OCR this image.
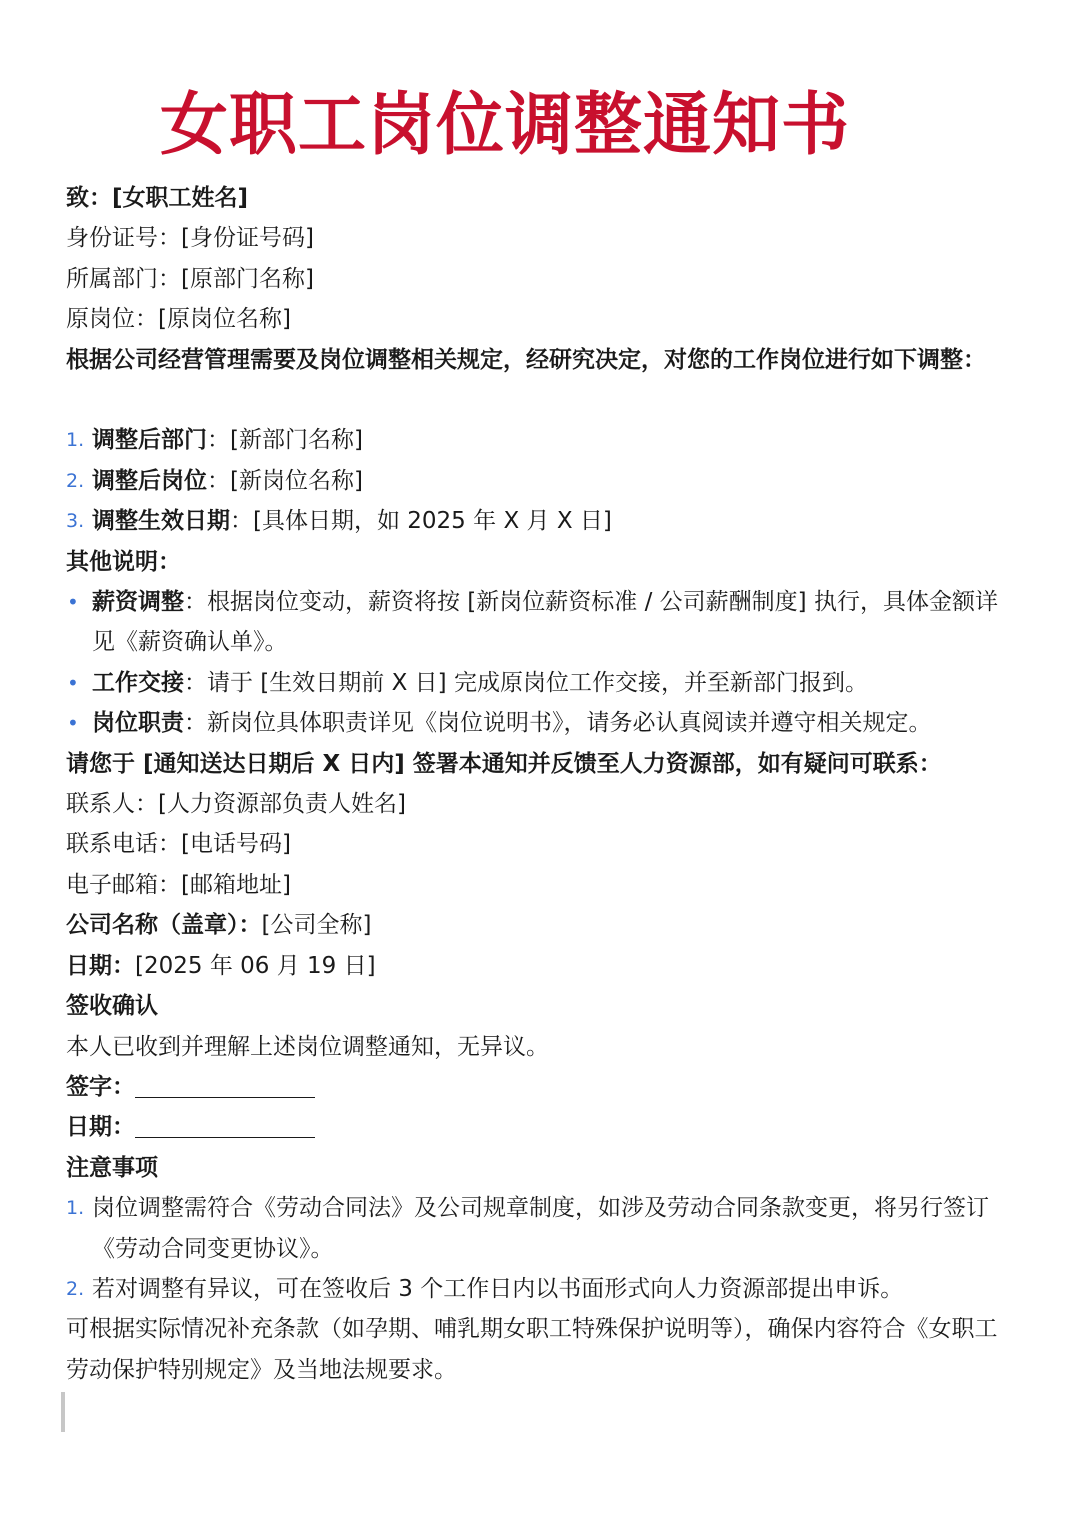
女职工岗位调整通知书
致：[女职工姓名]
身份证号：[身份证号码]
所属部门：[原部门名称]
原岗位：[原岗位名称]
根据公司经营管理需要及岗位调整相关规定，经研究决定，对您的工作岗位进行如下调整：
1. 调整后部门：[新部门名称]
2. 调整后岗位：[新岗位名称]
3. 调整生效日期：[具体日期，如 2025 年 X 月 X 日]
其他说明：
• 薪资调整：根据岗位变动，薪资将按 [新岗位薪资标准 / 公司薪酬制度] 执行，具体金额详见《薪资确认单》。
• 工作交接：请于 [生效日期前 X 日] 完成原岗位工作交接，并至新部门报到。
• 岗位职责：新岗位具体职责详见《岗位说明书》，请务必认真阅读并遵守相关规定。
请您于 [通知送达日期后 X 日内] 签署本通知并反馈至人力资源部，如有疑问可联系：
联系人：[人力资源部负责人姓名]
联系电话：[电话号码]
电子邮箱：[邮箱地址]
公司名称（盖章）：[公司全称]
日期：[2025 年 06 月 19 日]
签收确认
本人已收到并理解上述岗位调整通知，无异议。
签字：
日期：
注意事项
1. 岗位调整需符合《劳动合同法》及公司规章制度，如涉及劳动合同条款变更，将另行签订《劳动合同变更协议》。
2. 若对调整有异议，可在签收后 3 个工作日内以书面形式向人力资源部提出申诉。
可根据实际情况补充条款（如孕期、哺乳期女职工特殊保护说明等），确保内容符合《女职工劳动保护特别规定》及当地法规要求。
